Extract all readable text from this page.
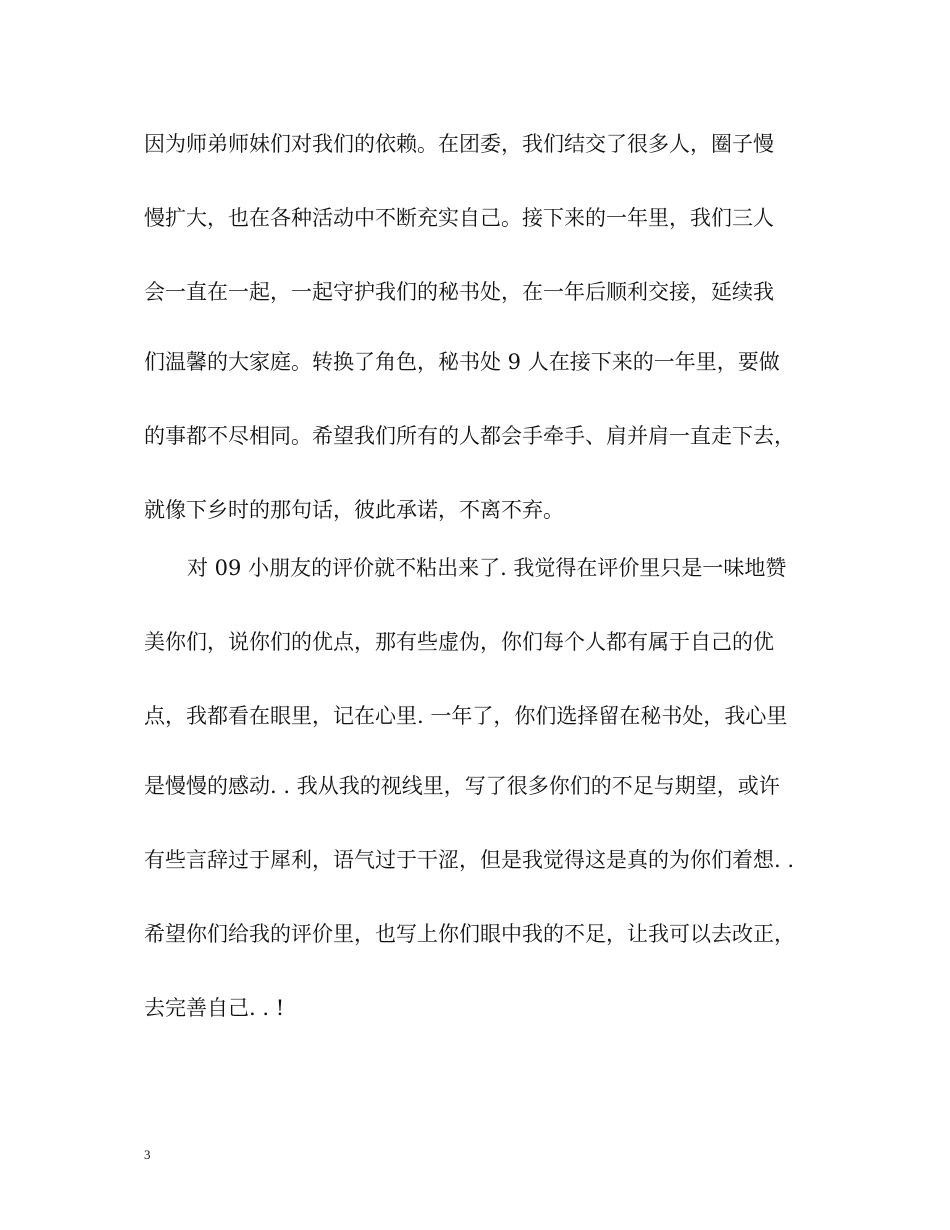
因为师弟师妹们对我们的依赖。在团委，我们结交了很多人，圈子慢
慢扩大，也在各种活动中不断充实自己。接下来的一年里，我们三人
会一直在一起，一起守护我们的秘书处，在一年后顺利交接，延续我
们温馨的大家庭。转换了角色，秘书处 9 人在接下来的一年里，要做
的事都不尽相同。希望我们所有的人都会手牵手、肩并肩一直走下去，
就像下乡时的那句话，彼此承诺，不离不弃。
对 09 小朋友的评价就不粘出来了. 我觉得在评价里只是一味地赞
美你们，说你们的优点，那有些虚伪，你们每个人都有属于自己的优
点，我都看在眼里，记在心里. 一年了，你们选择留在秘书处，我心里
是慢慢的感动. . 我从我的视线里，写了很多你们的不足与期望，或许
有些言辞过于犀利，语气过于干涩，但是我觉得这是真的为你们着想. .
希望你们给我的评价里，也写上你们眼中我的不足，让我可以去改正，
去完善自己. . !
3
